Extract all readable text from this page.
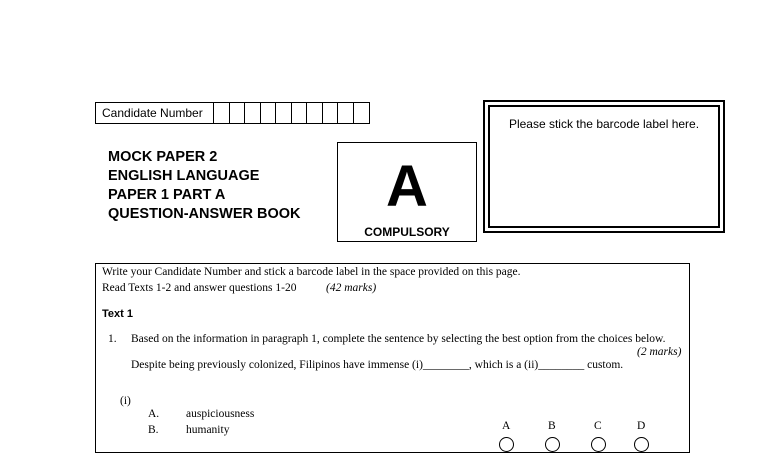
Candidate Number
MOCK PAPER 2
ENGLISH LANGUAGE
PAPER 1 PART A
QUESTION-ANSWER BOOK	A
COMPULSORY
Please stick the barcode label here.
Write your Candidate Number and stick a barcode label in the space provided on this page.
Read Texts 1-2 and answer questions 1-20	(42 marks)
Text 1
1. Based on the information in paragraph 1, complete the sentence by selecting the best option from the choices below.
(2 marks)
Despite being previously colonized, Filipinos have immense (i)________, which is a (ii)________ custom.
(i)
A. auspiciousness
B. humanity	A	B	C	D
